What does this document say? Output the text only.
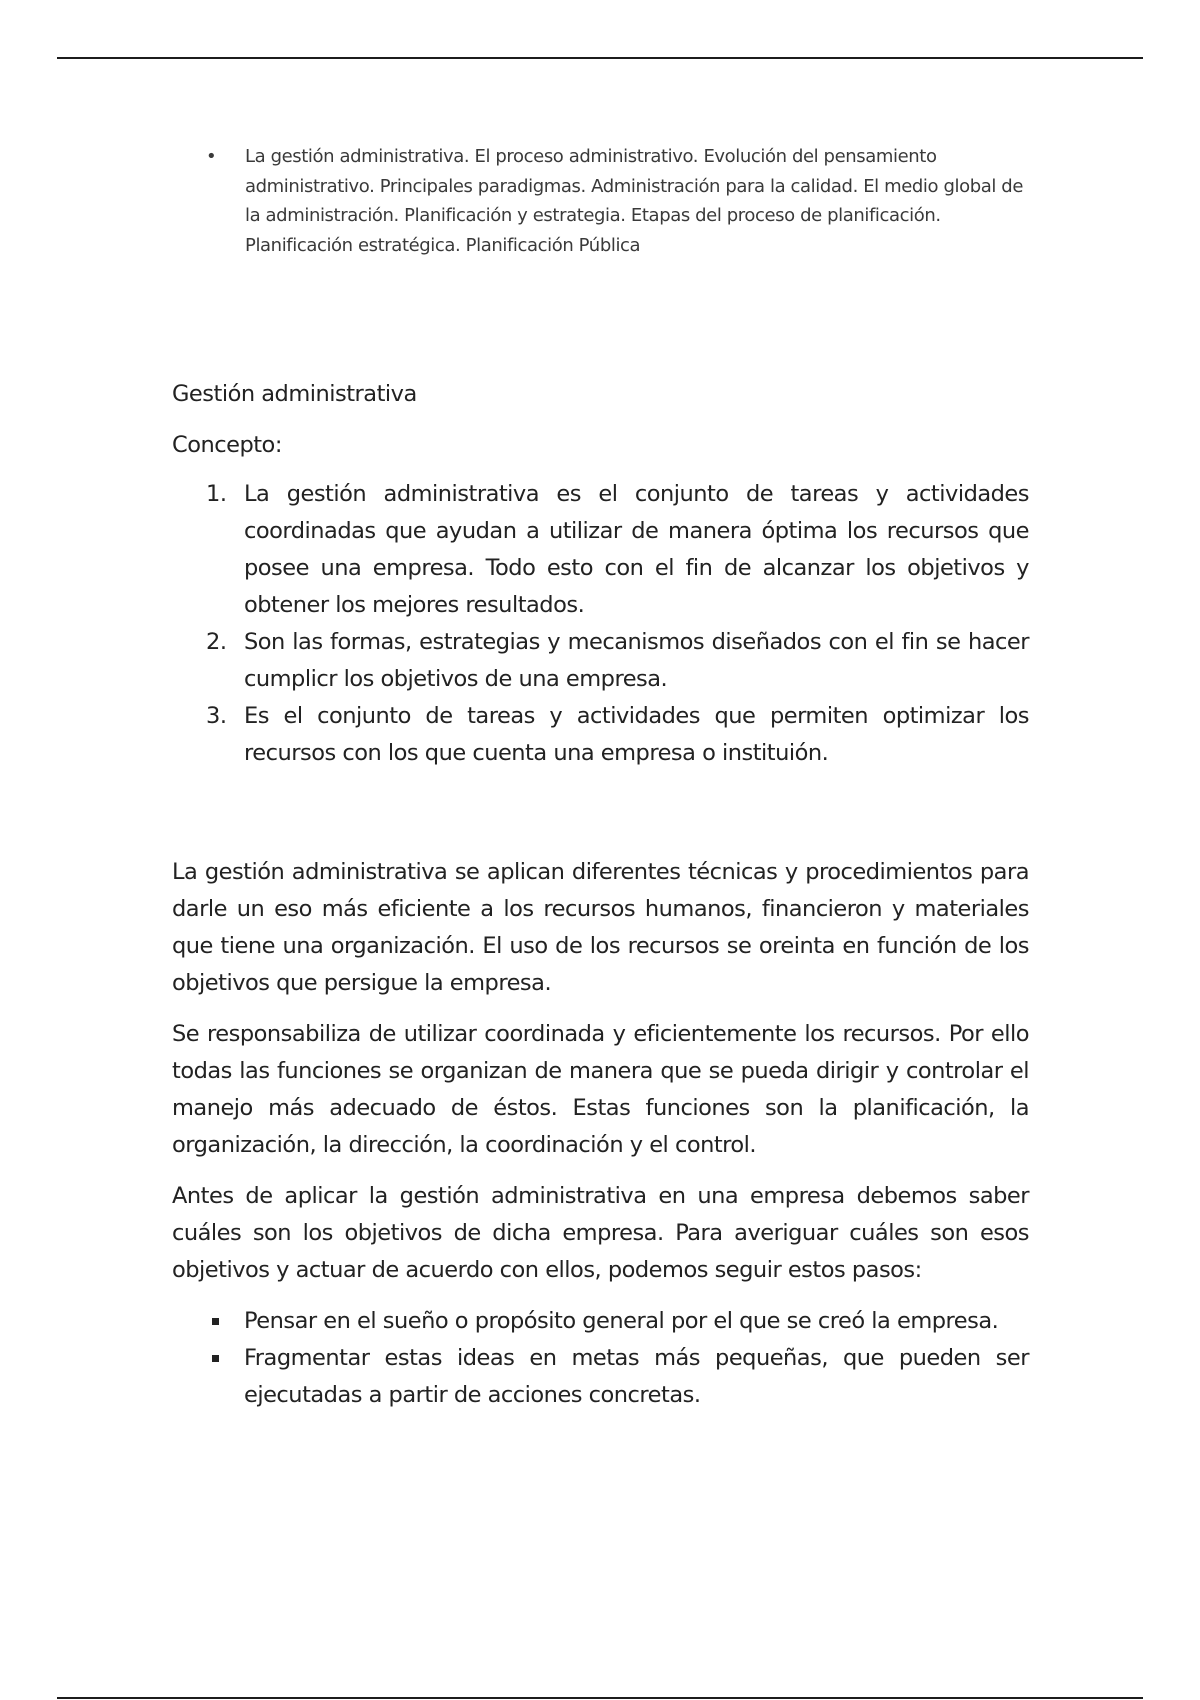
• La gestión administrativa. El proceso administrativo. Evolución del pensamiento administrativo. Principales paradigmas. Administración para la calidad. El medio global de la administración. Planificación y estrategia. Etapas del proceso de planificación. Planificación estratégica. Planificación Pública
Gestión administrativa

Concepto:

1. La gestión administrativa es el conjunto de tareas y actividades coordinadas que ayudan a utilizar de manera óptima los recursos que posee una empresa. Todo esto con el fin de alcanzar los objetivos y obtener los mejores resultados.
2. Son las formas, estrategias y mecanismos diseñados con el fin se hacer cumplicr los objetivos de una empresa.
3. Es el conjunto de tareas y actividades que permiten optimizar los recursos con los que cuenta una empresa o instituión.

La gestión administrativa se aplican diferentes técnicas y procedimientos para darle un eso más eficiente a los recursos humanos, financieron y materiales que tiene una organización. El uso de los recursos se oreinta en función de los objetivos que persigue la empresa.

Se responsabiliza de utilizar coordinada y eficientemente los recursos. Por ello todas las funciones se organizan de manera que se pueda dirigir y controlar el manejo más adecuado de éstos. Estas funciones son la planificación, la organización, la dirección, la coordinación y el control.

Antes de aplicar la gestión administrativa en una empresa debemos saber cuáles son los objetivos de dicha empresa. Para averiguar cuáles son esos objetivos y actuar de acuerdo con ellos, podemos seguir estos pasos:

Pensar en el sueño o propósito general por el que se creó la empresa.
Fragmentar estas ideas en metas más pequeñas, que pueden ser ejecutadas a partir de acciones concretas.
